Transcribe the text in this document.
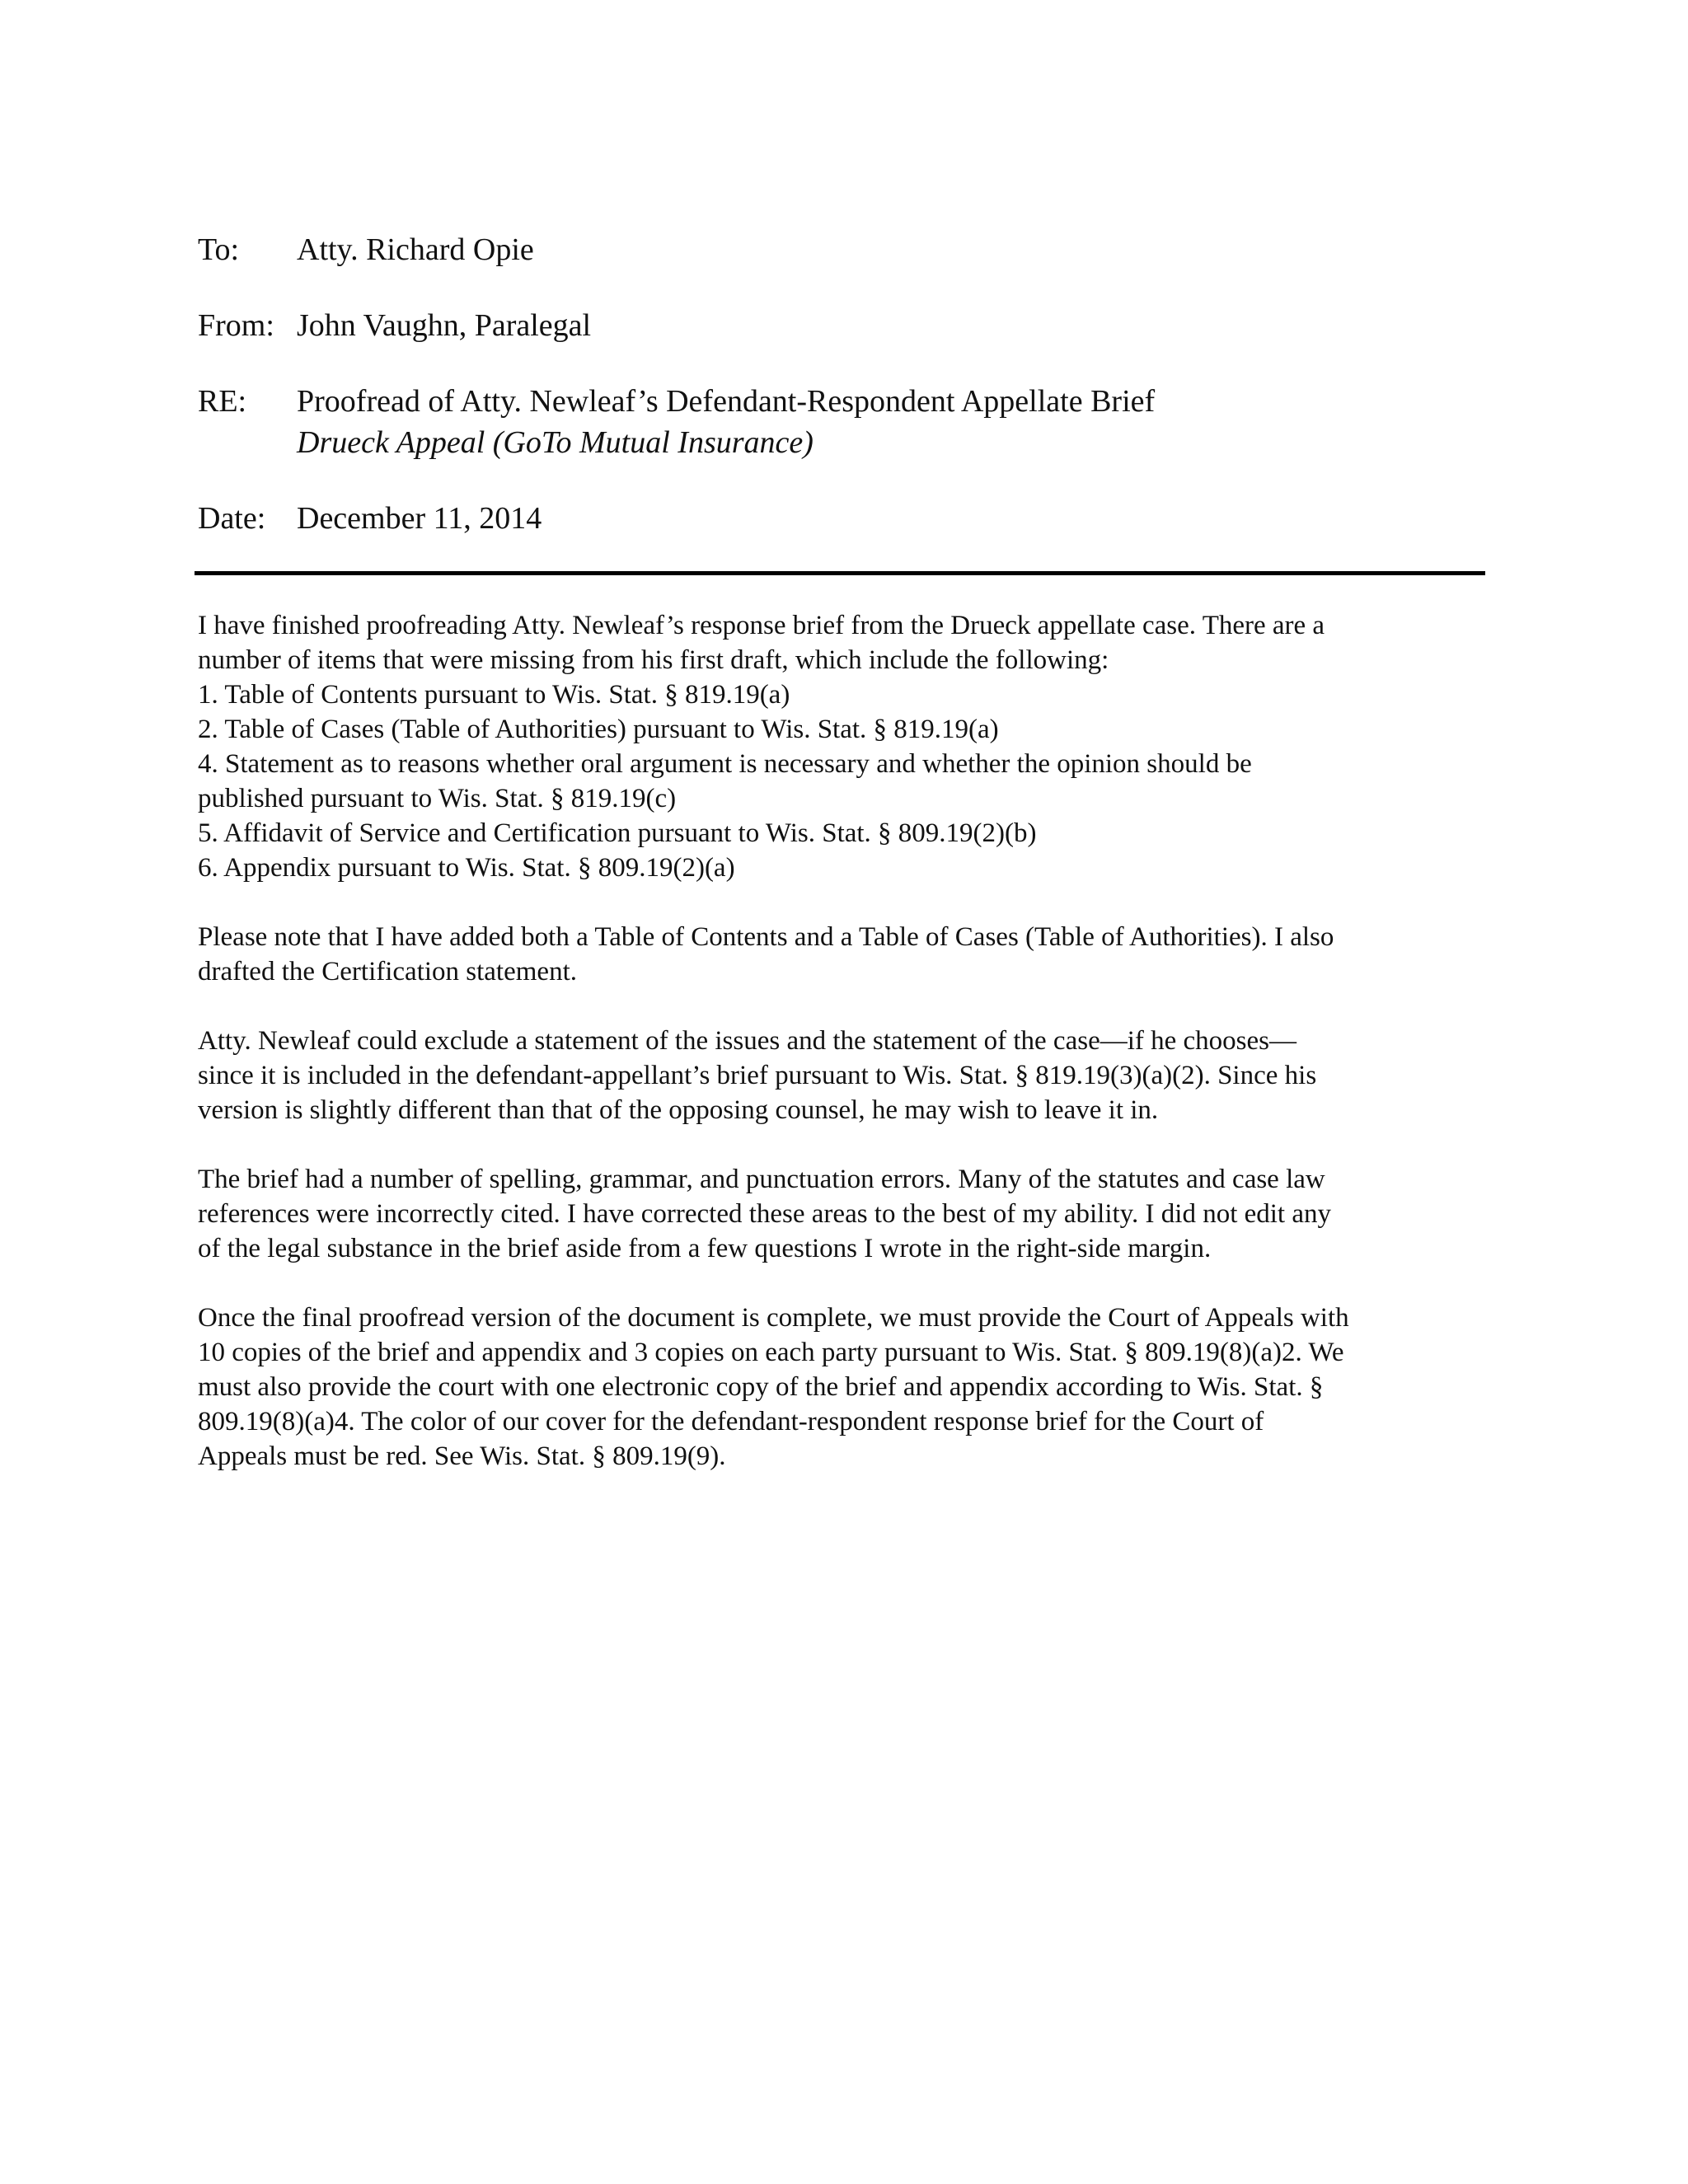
To:	Atty. Richard Opie
From: John Vaughn, Paralegal
RE:	Proofread of Atty. Newleaf’s Defendant-Respondent Appellate Brief
Drueck Appeal (GoTo Mutual Insurance)
Date: December 11, 2014
I have finished proofreading Atty. Newleaf’s response brief from the Drueck appellate case. There are a
number of items that were missing from his first draft, which include the following:
1. Table of Contents pursuant to Wis. Stat. § 819.19(a)
2. Table of Cases (Table of Authorities) pursuant to Wis. Stat. § 819.19(a)
4. Statement as to reasons whether oral argument is necessary and whether the opinion should be
published pursuant to Wis. Stat. § 819.19(c)
5. Affidavit of Service and Certification pursuant to Wis. Stat. § 809.19(2)(b)
6. Appendix pursuant to Wis. Stat. § 809.19(2)(a)
Please note that I have added both a Table of Contents and a Table of Cases (Table of Authorities). I also
drafted the Certification statement.
Atty. Newleaf could exclude a statement of the issues and the statement of the case—if he chooses—
since it is included in the defendant-appellant’s brief pursuant to Wis. Stat. § 819.19(3)(a)(2). Since his
version is slightly different than that of the opposing counsel, he may wish to leave it in.
The brief had a number of spelling, grammar, and punctuation errors. Many of the statutes and case law
references were incorrectly cited. I have corrected these areas to the best of my ability. I did not edit any
of the legal substance in the brief aside from a few questions I wrote in the right-side margin.
Once the final proofread version of the document is complete, we must provide the Court of Appeals with
10 copies of the brief and appendix and 3 copies on each party pursuant to Wis. Stat. § 809.19(8)(a)2. We
must also provide the court with one electronic copy of the brief and appendix according to Wis. Stat. §
809.19(8)(a)4. The color of our cover for the defendant-respondent response brief for the Court of
Appeals must be red. See Wis. Stat. § 809.19(9).
